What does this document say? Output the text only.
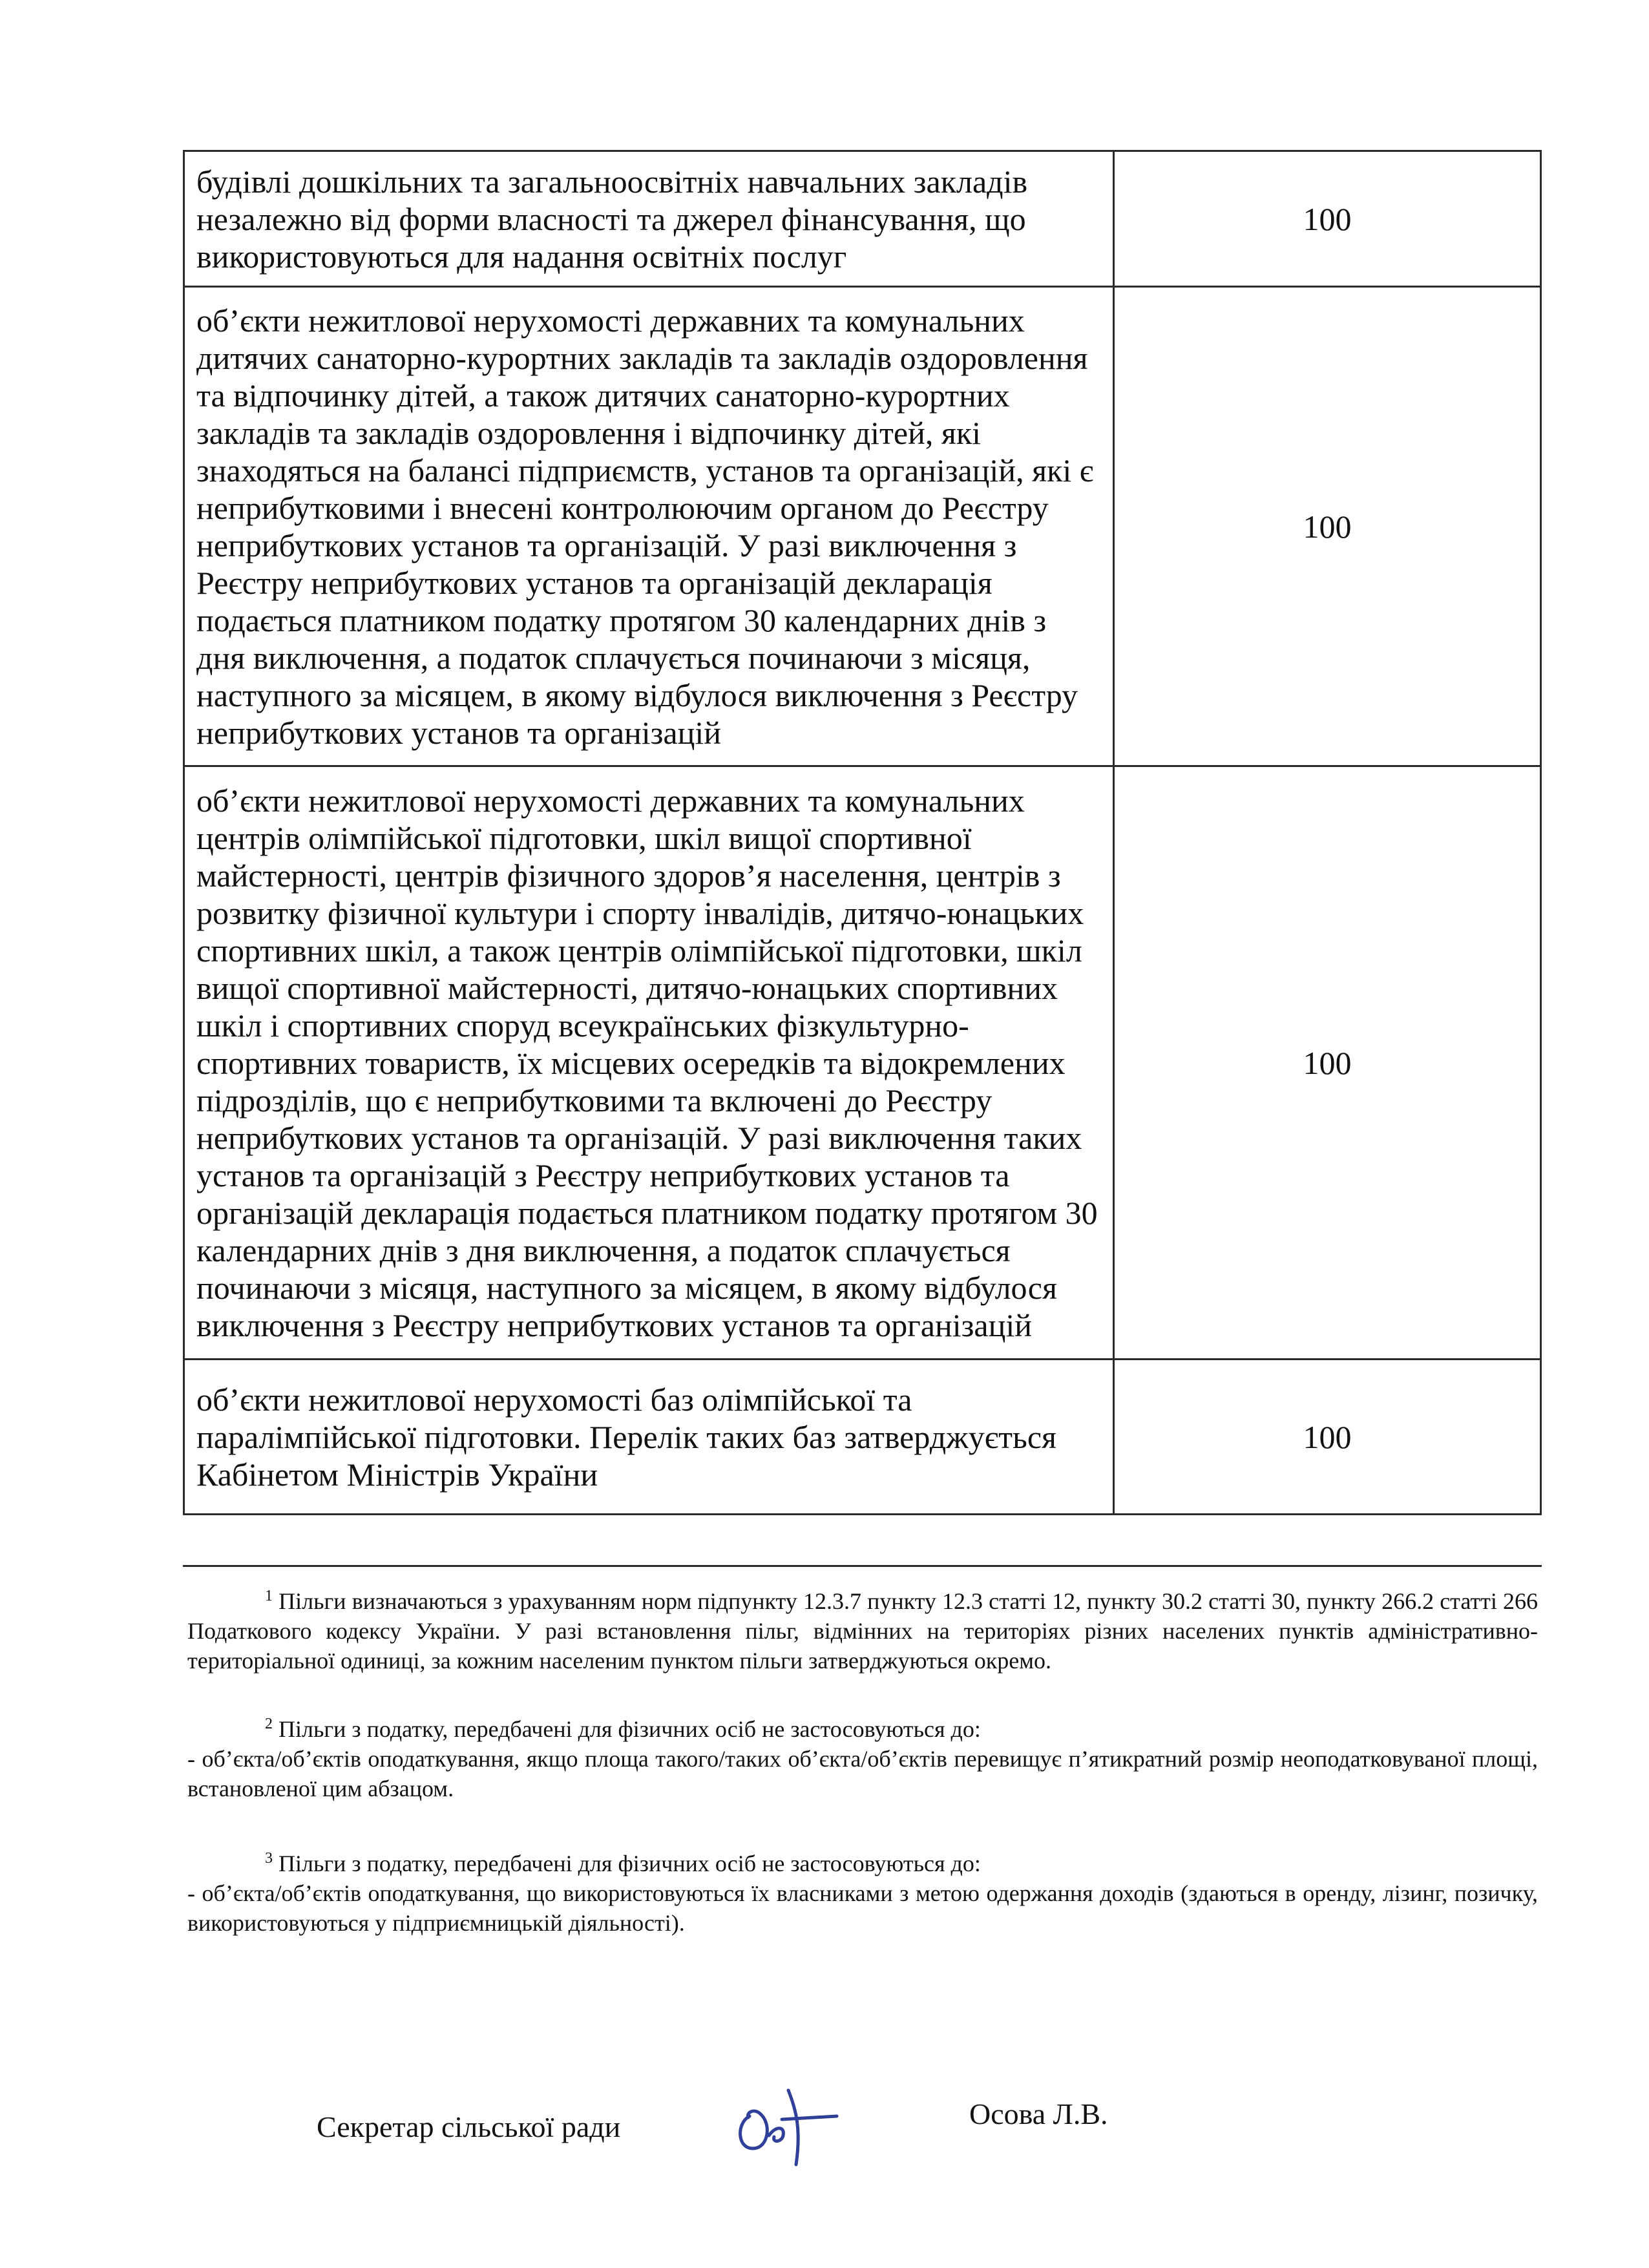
будівлі дошкільних та загальноосвітніх навчальних закладів незалежно від форми власності та джерел фінансування, що використовуються для надання освітніх послуг	100
об’єкти нежитлової нерухомості державних та комунальних дитячих санаторно-курортних закладів та закладів оздоровлення та відпочинку дітей, а також дитячих санаторно-курортних закладів та закладів оздоровлення і відпочинку дітей, які знаходяться на балансі підприємств, установ та організацій, які є неприбутковими і внесені контролюючим органом до Реєстру неприбуткових установ та організацій. У разі виключення з Реєстру неприбуткових установ та організацій декларація подається платником податку протягом 30 календарних днів з дня виключення, а податок сплачується починаючи з місяця, наступного за місяцем, в якому відбулося виключення з Реєстру неприбуткових установ та організацій	100
об’єкти нежитлової нерухомості державних та комунальних центрів олімпійської підготовки, шкіл вищої спортивної майстерності, центрів фізичного здоров’я населення, центрів з розвитку фізичної культури і спорту інвалідів, дитячо-юнацьких спортивних шкіл, а також центрів олімпійської підготовки, шкіл вищої спортивної майстерності, дитячо-юнацьких спортивних шкіл і спортивних споруд всеукраїнських фізкультурно-спортивних товариств, їх місцевих осередків та відокремлених підрозділів, що є неприбутковими та включені до Реєстру неприбуткових установ та організацій. У разі виключення таких установ та організацій з Реєстру неприбуткових установ та організацій декларація подається платником податку протягом 30 календарних днів з дня виключення, а податок сплачується починаючи з місяця, наступного за місяцем, в якому відбулося виключення з Реєстру неприбуткових установ та організацій	100
об’єкти нежитлової нерухомості баз олімпійської та паралімпійської підготовки. Перелік таких баз затверджується Кабінетом Міністрів України	100

$^1$ Пільги визначаються з урахуванням норм підпункту 12.3.7 пункту 12.3 статті 12, пункту 30.2 статті 30, пункту 266.2 статті 266 Податкового кодексу України. У разі встановлення пільг, відмінних на територіях різних населених пунктів адміністративно-територіальної одиниці, за кожним населеним пунктом пільги затверджуються окремо.

$^2$ Пільги з податку, передбачені для фізичних осіб не застосовуються до:

- об’єкта/об’єктів оподаткування, якщо площа такого/таких об’єкта/об’єктів перевищує п’ятикратний розмір неоподатковуваної площі, встановленої цим абзацом.

$^3$ Пільги з податку, передбачені для фізичних осіб не застосовуються до:

- об’єкта/об’єктів оподаткування, що використовуються їх власниками з метою одержання доходів (здаються в оренду, лізинг, позичку, використовуються у підприємницькій діяльності).

Секретар сільської ради	Осова Л.В.
